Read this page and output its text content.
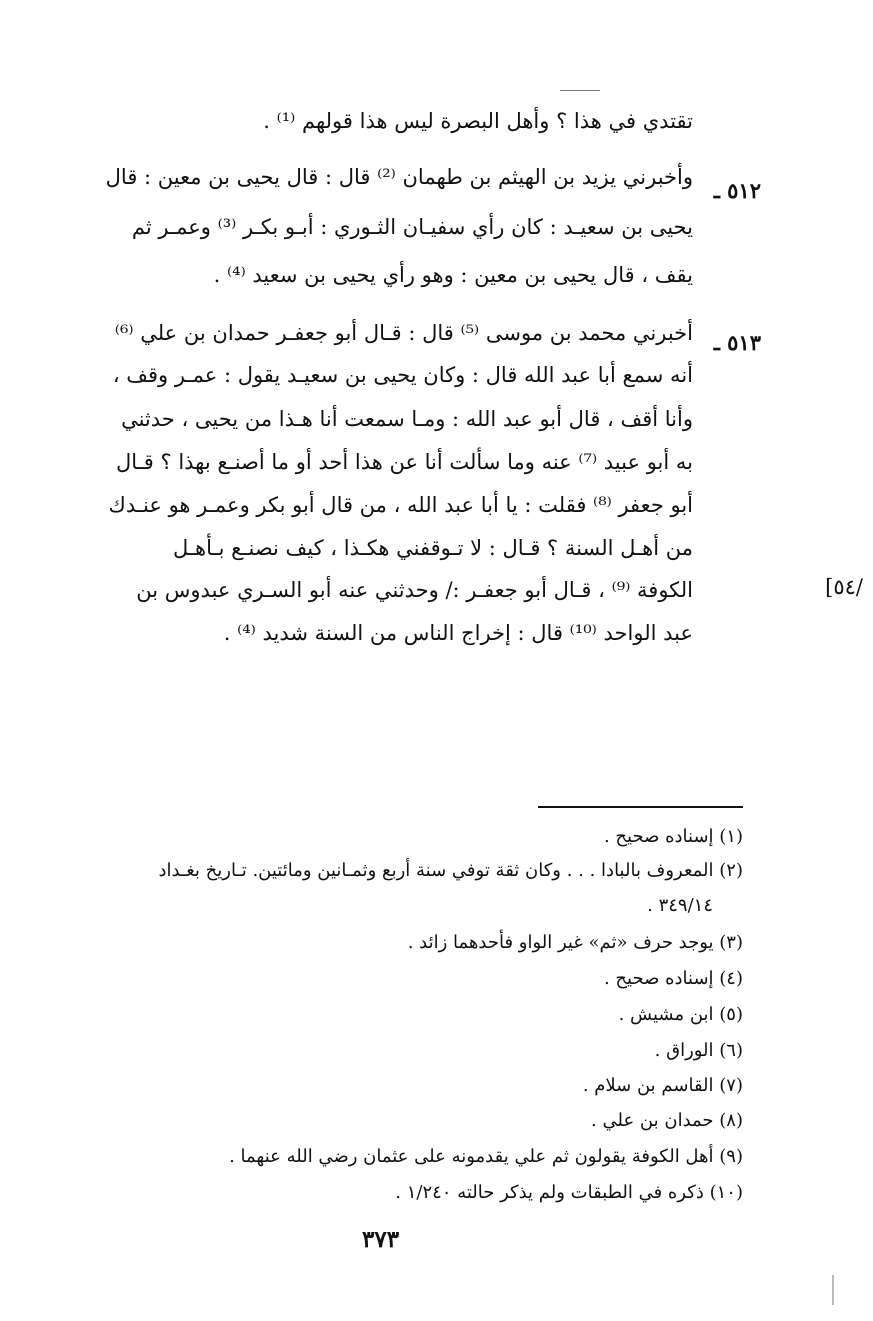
تقتدي في هذا ؟ وأهل البصرة ليس هذا قولهم ⁽¹⁾ .
٥١٢ ـ
وأخبرني يزيد بن الهيثم بن طهمان ⁽²⁾ قال : قال يحيى بن معين : قال
يحيى بن سعيـد : كان رأي سفيـان الثـوري : أبـو بكـر ⁽³⁾ وعمـر ثم
يقف ، قال يحيى بن معين : وهو رأي يحيى بن سعيد ⁽⁴⁾ .
٥١٣ ـ
أخبرني محمد بن موسى ⁽⁵⁾ قال : قـال أبو جعفـر حمدان بن علي ⁽⁶⁾
أنه سمع أبا عبد الله قال : وكان يحيى بن سعيـد يقول : عمـر وقف ،
وأنا أقف ، قال أبو عبد الله : ومـا سمعت أنا هـذا من يحيى ، حدثني
به أبو عبيد ⁽⁷⁾ عنه وما سألت أنا عن هذا أحد أو ما أصنـع بهذا ؟ قـال
أبو جعفر ⁽⁸⁾ فقلت : يا أبا عبد الله ، من قال أبو بكر وعمـر هو عنـدك
من أهـل السنة ؟ قـال : لا تـوقفني هكـذا ، كيف نصنـع بـأهـل
الكوفة ⁽⁹⁾ ، قـال أبو جعفـر :/ وحدثني عنه أبو السـري عبدوس بن	[٥٤/
عبد الواحد ⁽¹⁰⁾ قال : إخراج الناس من السنة شديد ⁽⁴⁾ .
(١) إسناده صحيح .
(٢) المعروف بالبادا . . . وكان ثقة توفي سنة أربع وثمـانين ومائتين. تـاريخ بغـداد
٣٤٩/١٤ .
(٣) يوجد حرف «ثم» غير الواو فأحدهما زائد .
(٤) إسناده صحيح .
(٥) ابن مشيش .
(٦) الوراق .
(٧) القاسم بن سلام .
(٨) حمدان بن علي .
(٩) أهل الكوفة يقولون ثم علي يقدمونه على عثمان رضي الله عنهما .
(١٠) ذكره في الطبقات ولم يذكر حالته ١/٢٤٠ .
٣٧٣
